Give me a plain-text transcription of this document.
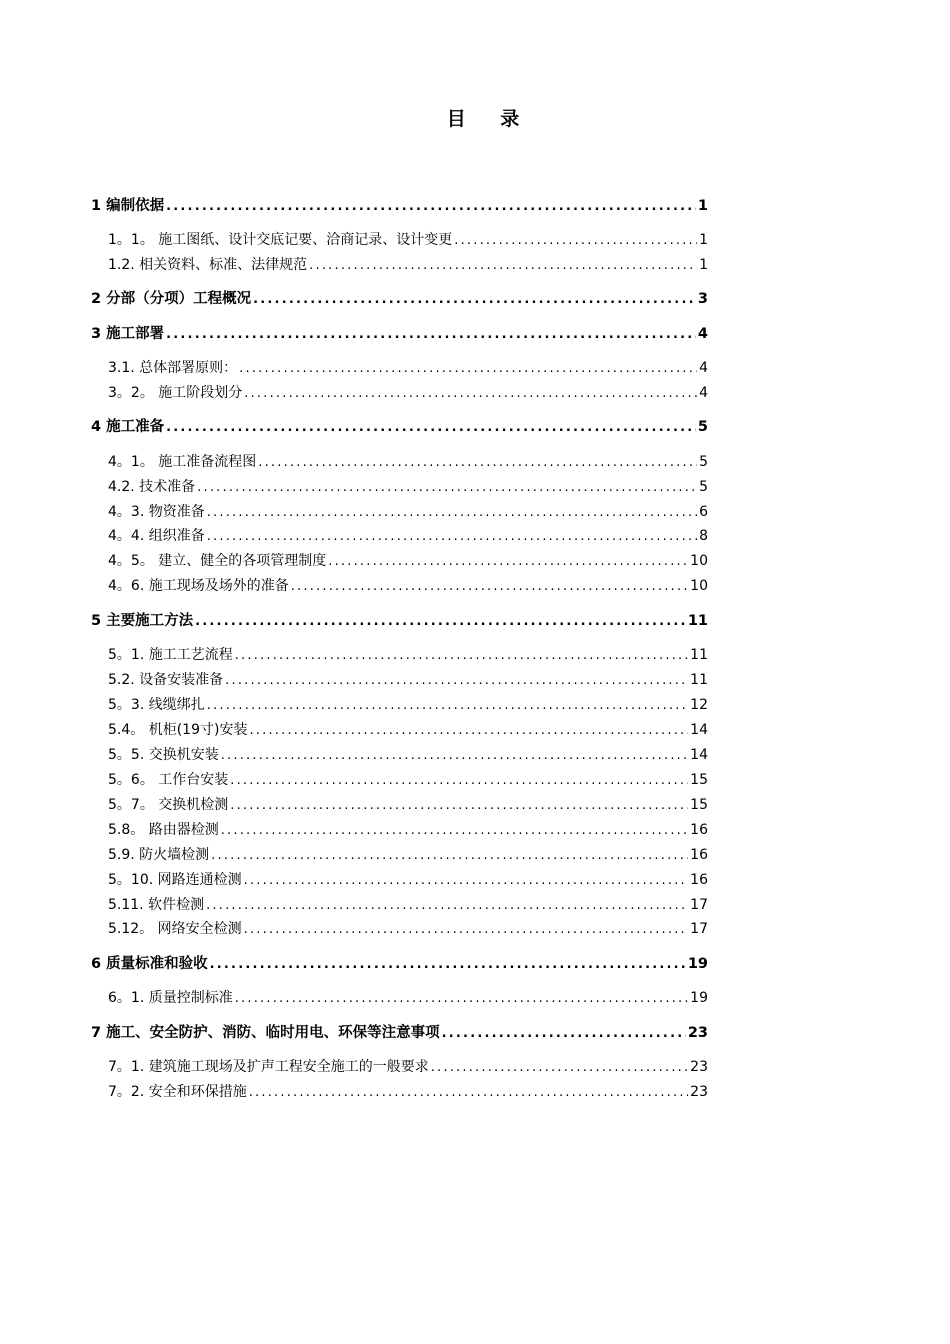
目 录
1 编制依据 .....	1
1。1。 施工图纸、设计交底记要、洽商记录、设计变更 .....	1
1.2. 相关资料、标准、法律规范 .....	1
2 分部（分项）工程概况 .....	3
3 施工部署 .....	4
3.1. 总体部署原则： .....	4
3。2。 施工阶段划分 .....	4
4 施工准备 .....	5
4。1。 施工准备流程图 .....	5
4.2. 技术准备 .....	5
4。3. 物资准备 .....	6
4。4. 组织准备 .....	8
4。5。 建立、健全的各项管理制度 .....	10
4。6. 施工现场及场外的准备 .....	10
5 主要施工方法 .....	11
5。1. 施工工艺流程 .....	11
5.2. 设备安装准备 .....	11
5。3. 线缆绑扎 .....	12
5.4。 机柜(19寸)安装 .....	14
5。5. 交换机安装 .....	14
5。6。 工作台安装 .....	15
5。7。 交换机检测 .....	15
5.8。 路由器检测 .....	16
5.9. 防火墙检测 .....	16
5。10. 网路连通检测 .....	16
5.11. 软件检测 .....	17
5.12。 网络安全检测 .....	17
6 质量标准和验收 .....	19
6。1. 质量控制标准 .....	19
7 施工、安全防护、消防、临时用电、环保等注意事项 .....	23
7。1. 建筑施工现场及扩声工程安全施工的一般要求 .....	23
7。2. 安全和环保措施 .....	23
